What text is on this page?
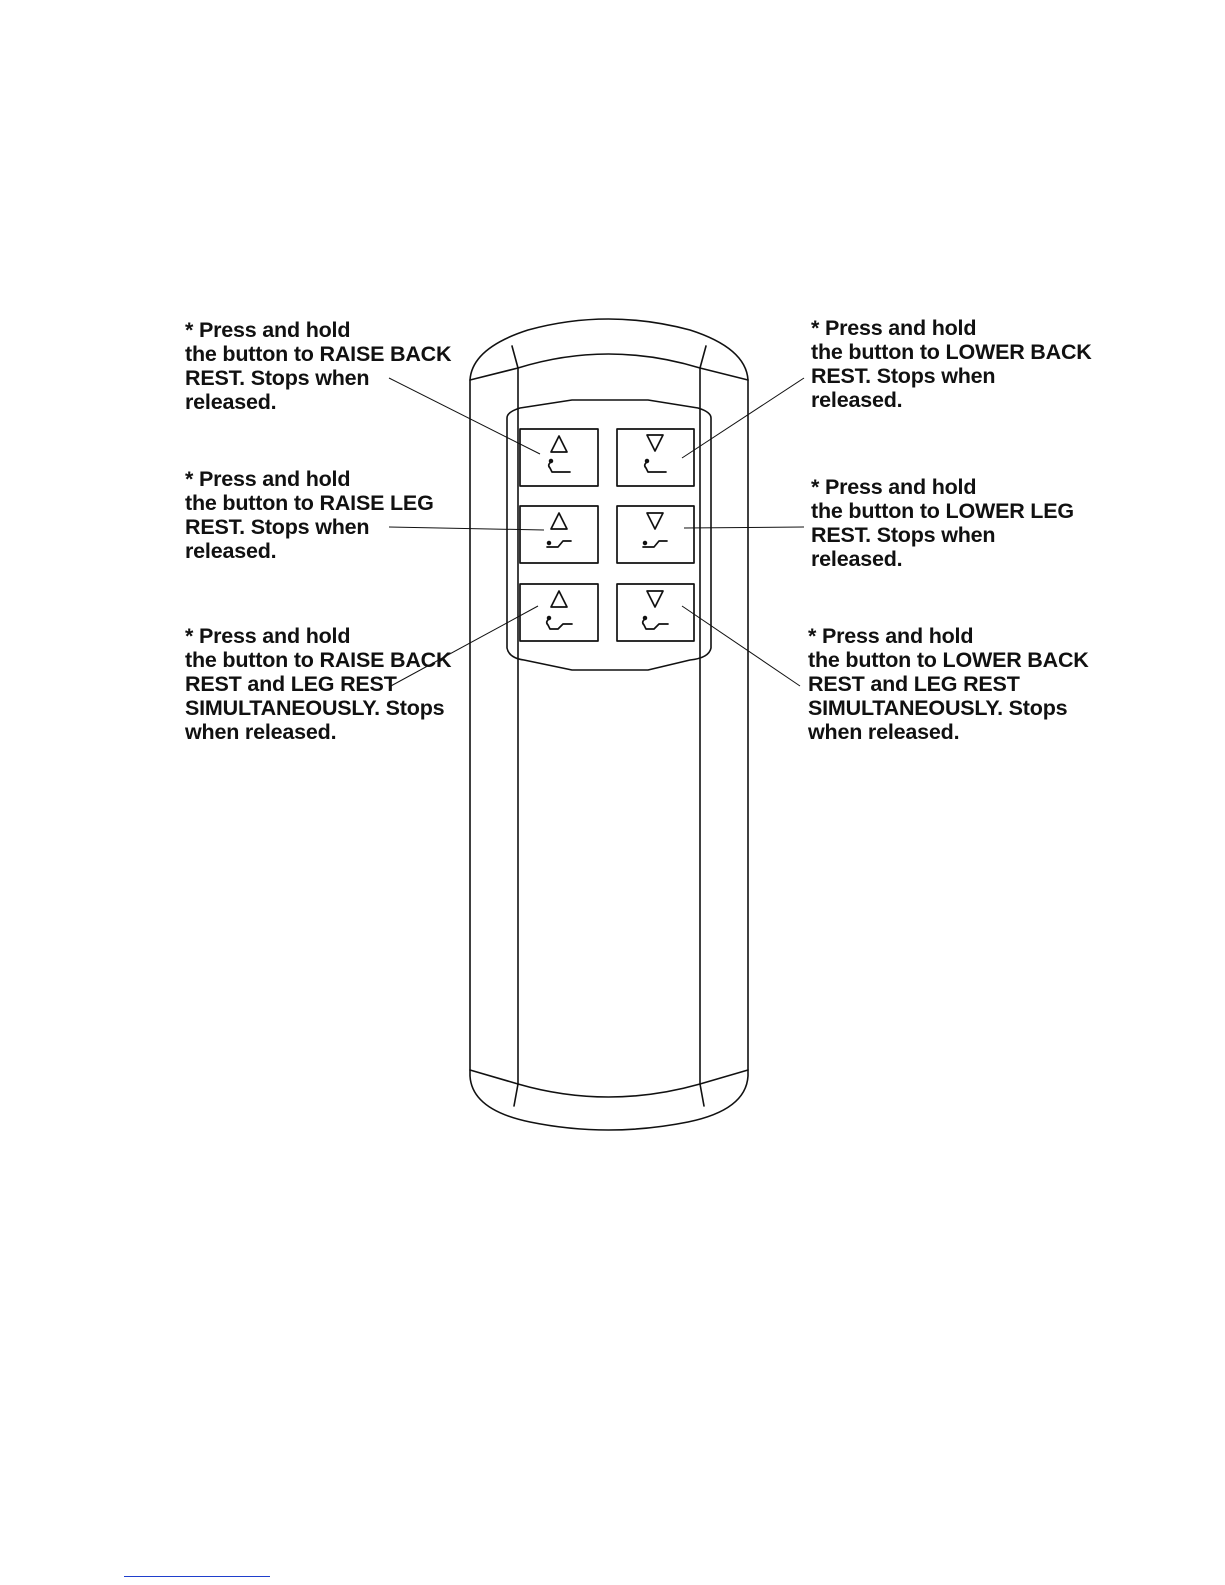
* Press and hold
the button to RAISE BACK
REST. Stops when
released.
* Press and hold
the button to LOWER BACK
REST. Stops when
released.
* Press and hold
the button to RAISE LEG
REST. Stops when
released.
* Press and hold
the button to LOWER LEG
REST. Stops when
released.
* Press and hold
the button to RAISE BACK
REST and LEG REST
SIMULTANEOUSLY. Stops
when released.
* Press and hold
the button to LOWER BACK
REST and LEG REST
SIMULTANEOUSLY. Stops
when released.
